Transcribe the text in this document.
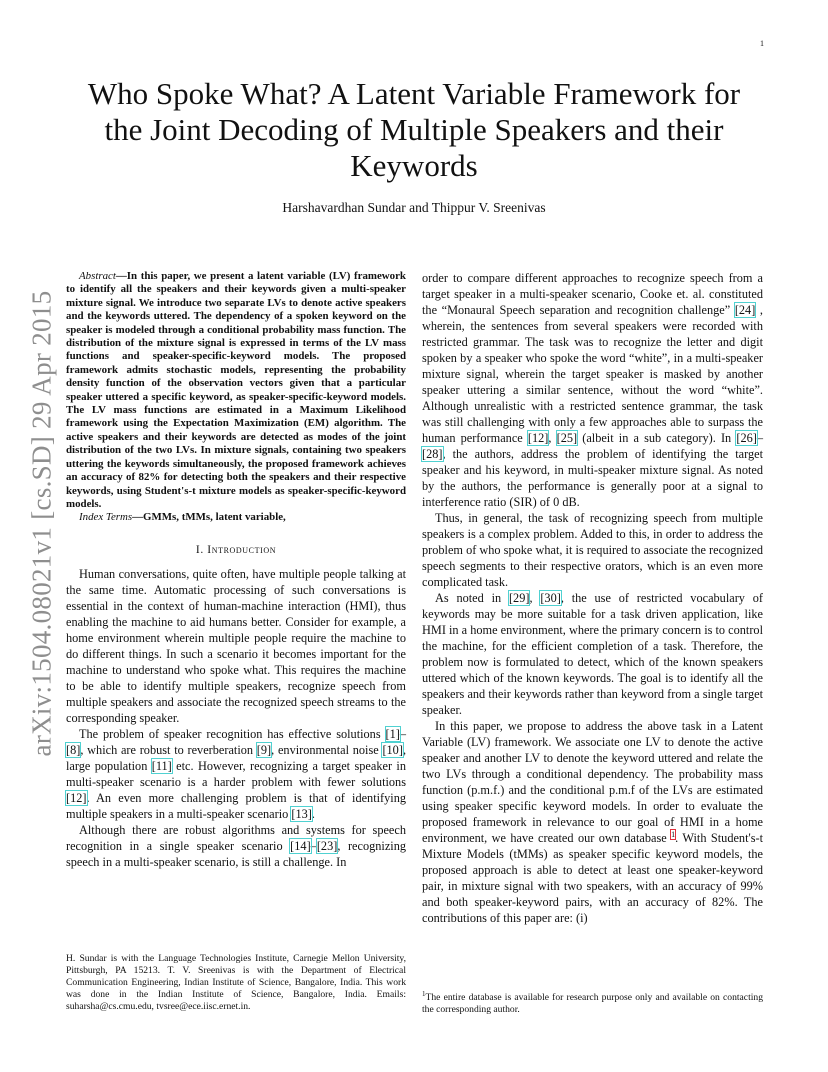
1
arXiv:1504.08021v1 [cs.SD] 29 Apr 2015
Who Spoke What? A Latent Variable Framework for the Joint Decoding of Multiple Speakers and their Keywords
Harshavardhan Sundar and Thippur V. Sreenivas

Abstract—In this paper, we present a latent variable (LV) framework to identify all the speakers and their keywords given a multi-speaker mixture signal. We introduce two separate LVs to denote active speakers and the keywords uttered. The dependency of a spoken keyword on the speaker is modeled through a conditional probability mass function. The distribution of the mixture signal is expressed in terms of the LV mass functions and speaker-specific-keyword models. The proposed framework admits stochastic models, representing the probability density function of the observation vectors given that a particular speaker uttered a specific keyword, as speaker-specific-keyword models. The LV mass functions are estimated in a Maximum Likelihood framework using the Expectation Maximization (EM) algorithm. The active speakers and their keywords are detected as modes of the joint distribution of the two LVs. In mixture signals, containing two speakers uttering the keywords simultaneously, the proposed framework achieves an accuracy of 82% for detecting both the speakers and their respective keywords, using Student's-t mixture models as speaker-specific-keyword models.

Index Terms—GMMs, tMMs, latent variable,

I. Introduction

Human conversations, quite often, have multiple people talking at the same time. Automatic processing of such conversations is essential in the context of human-machine interaction (HMI), thus enabling the machine to aid humans better. Consider for example, a home environment wherein multiple people require the machine to do different things. In such a scenario it becomes important for the machine to understand who spoke what. This requires the machine to be able to identify multiple speakers, recognize speech from multiple speakers and associate the recognized speech streams to the corresponding speaker.

The problem of speaker recognition has effective solutions [1]–[8], which are robust to reverberation [9], environmental noise [10], large population [11] etc. However, recognizing a target speaker in multi-speaker scenario is a harder problem with fewer solutions [12]. An even more challenging problem is that of identifying multiple speakers in a multi-speaker scenario [13].

Although there are robust algorithms and systems for speech recognition in a single speaker scenario [14]–[23], recognizing speech in a multi-speaker scenario, is still a challenge. In

order to compare different approaches to recognize speech from a target speaker in a multi-speaker scenario, Cooke et. al. constituted the “Monaural Speech separation and recognition challenge” [24] , wherein, the sentences from several speakers were recorded with restricted grammar. The task was to recognize the letter and digit spoken by a speaker who spoke the word “white”, in a multi-speaker mixture signal, wherein the target speaker is masked by another speaker uttering a similar sentence, without the word “white”. Although unrealistic with a restricted sentence grammar, the task was still challenging with only a few approaches able to surpass the human performance [12], [25] (albeit in a sub category). In [26]–[28], the authors, address the problem of identifying the target speaker and his keyword, in multi-speaker mixture signal. As noted by the authors, the performance is generally poor at a signal to interference ratio (SIR) of 0 dB.

Thus, in general, the task of recognizing speech from multiple speakers is a complex problem. Added to this, in order to address the problem of who spoke what, it is required to associate the recognized speech segments to their respective orators, which is an even more complicated task.

As noted in [29], [30], the use of restricted vocabulary of keywords may be more suitable for a task driven application, like HMI in a home environment, where the primary concern is to control the machine, for the efficient completion of a task. Therefore, the problem now is formulated to detect, which of the known speakers uttered which of the known keywords. The goal is to identify all the speakers and their keywords rather than keyword from a single target speaker.

In this paper, we propose to address the above task in a Latent Variable (LV) framework. We associate one LV to denote the active speaker and another LV to denote the keyword uttered and relate the two LVs through a conditional dependency. The probability mass function (p.m.f.) and the conditional p.m.f of the LVs are estimated using speaker specific keyword models. In order to evaluate the proposed framework in relevance to our goal of HMI in a home environment, we have created our own database $^1$. With Student's-t Mixture Models (tMMs) as speaker specific keyword models, the proposed approach is able to detect at least one speaker-keyword pair, in mixture signal with two speakers, with an accuracy of 99% and both speaker-keyword pairs, with an accuracy of 82%. The contributions of this paper are: (i)

H. Sundar is with the Language Technologies Institute, Carnegie Mellon University, Pittsburgh, PA 15213. T. V. Sreenivas is with the Department of Electrical Communication Engineering, Indian Institute of Science, Bangalore, India. This work was done in the Indian Institute of Science, Bangalore, India. Emails: suharsha@cs.cmu.edu, tvsree@ece.iisc.ernet.in.
$^1$The entire database is available for research purpose only and available on contacting the corresponding author.
